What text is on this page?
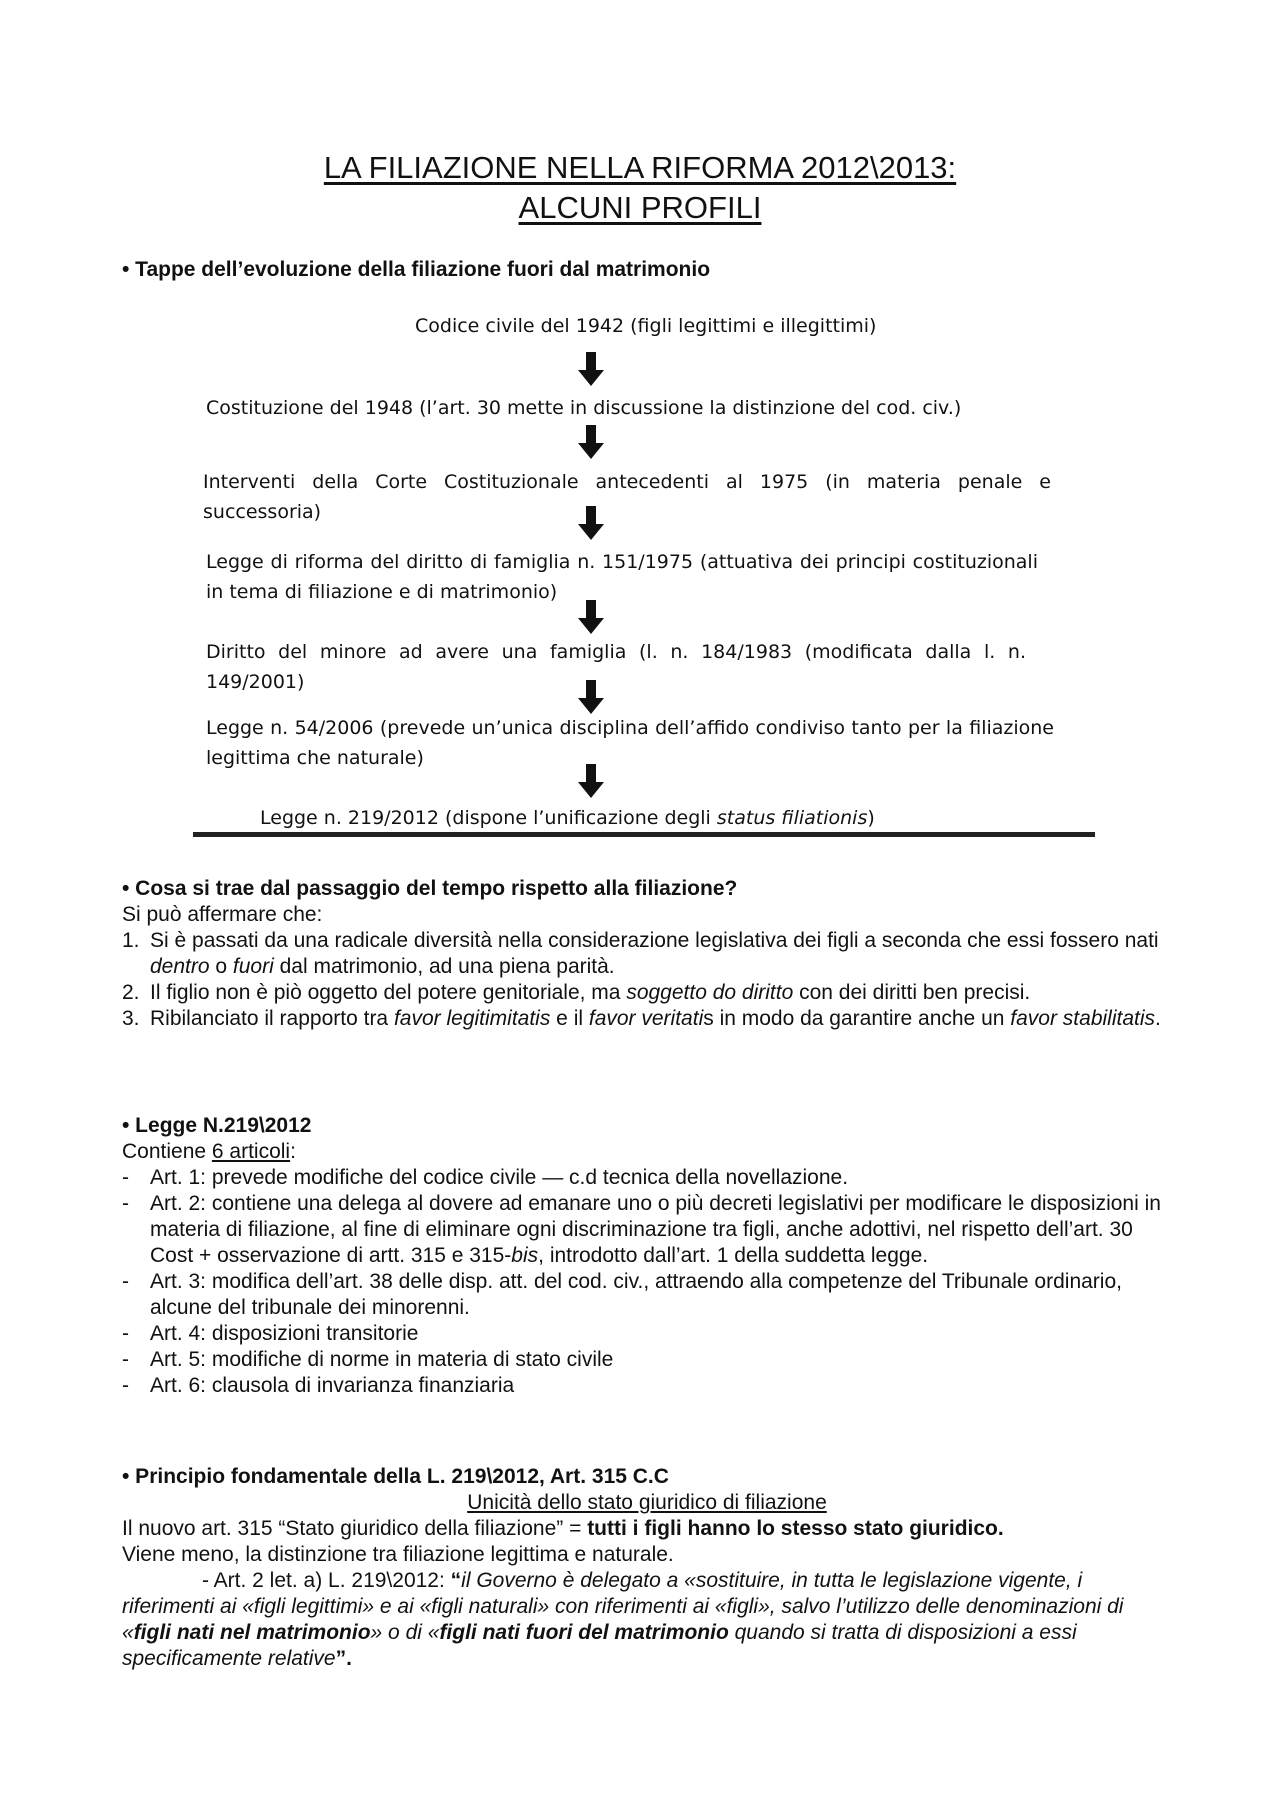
LA FILIAZIONE NELLA RIFORMA 2012\2013:
ALCUNI PROFILI
• Tappe dell’evoluzione della filiazione fuori dal matrimonio
Codice civile del 1942 (figli legittimi e illegittimi)
Costituzione del 1948 (l’art. 30 mette in discussione la distinzione del cod. civ.)
Interventi della Corte Costituzionale antecedenti al 1975 (in materia penale e successoria)
Legge di riforma del diritto di famiglia n. 151/1975 (attuativa dei principi costituzionali in tema di filiazione e di matrimonio)
Diritto del minore ad avere una famiglia (l. n. 184/1983 (modificata dalla l. n. 149/2001)
Legge n. 54/2006 (prevede un’unica disciplina dell’affido condiviso tanto per la filiazione legittima che naturale)
Legge n. 219/2012 (dispone l’unificazione degli status filiationis)
• Cosa si trae dal passaggio del tempo rispetto alla filiazione?
Si può affermare che:
1. Si è passati da una radicale diversità nella considerazione legislativa dei figli a seconda che essi fossero nati dentro o fuori dal matrimonio, ad una piena parità.
2. Il figlio non è piò oggetto del potere genitoriale, ma soggetto do diritto con dei diritti ben precisi.
3. Ribilanciato il rapporto tra favor legitimitatis e il favor veritatis in modo da garantire anche un favor stabilitatis.
• Legge N.219\2012
Contiene 6 articoli:
- Art. 1: prevede modifiche del codice civile — c.d tecnica della novellazione.
- Art. 2: contiene una delega al dovere ad emanare uno o più decreti legislativi per modificare le disposizioni in materia di filiazione, al fine di eliminare ogni discriminazione tra figli, anche adottivi, nel rispetto dell’art. 30 Cost + osservazione di artt. 315 e 315-bis, introdotto dall’art. 1 della suddetta legge.
- Art. 3: modifica dell’art. 38 delle disp. att. del cod. civ., attraendo alla competenze del Tribunale ordinario, alcune del tribunale dei minorenni.
- Art. 4: disposizioni transitorie
- Art. 5: modifiche di norme in materia di stato civile
- Art. 6: clausola di invarianza finanziaria
• Principio fondamentale della L. 219\2012, Art. 315 C.C
Unicità dello stato giuridico di filiazione
Il nuovo art. 315 “Stato giuridico della filiazione” = tutti i figli hanno lo stesso stato giuridico.
Viene meno, la distinzione tra filiazione legittima e naturale.
- Art. 2 let. a) L. 219\2012: “il Governo è delegato a «sostituire, in tutta le legislazione vigente, i riferimenti ai «figli legittimi» e ai «figli naturali» con riferimenti ai «figli», salvo l’utilizzo delle denominazioni di «figli nati nel matrimonio» o di «figli nati fuori del matrimonio quando si tratta di disposizioni a essi specificamente relative”.
